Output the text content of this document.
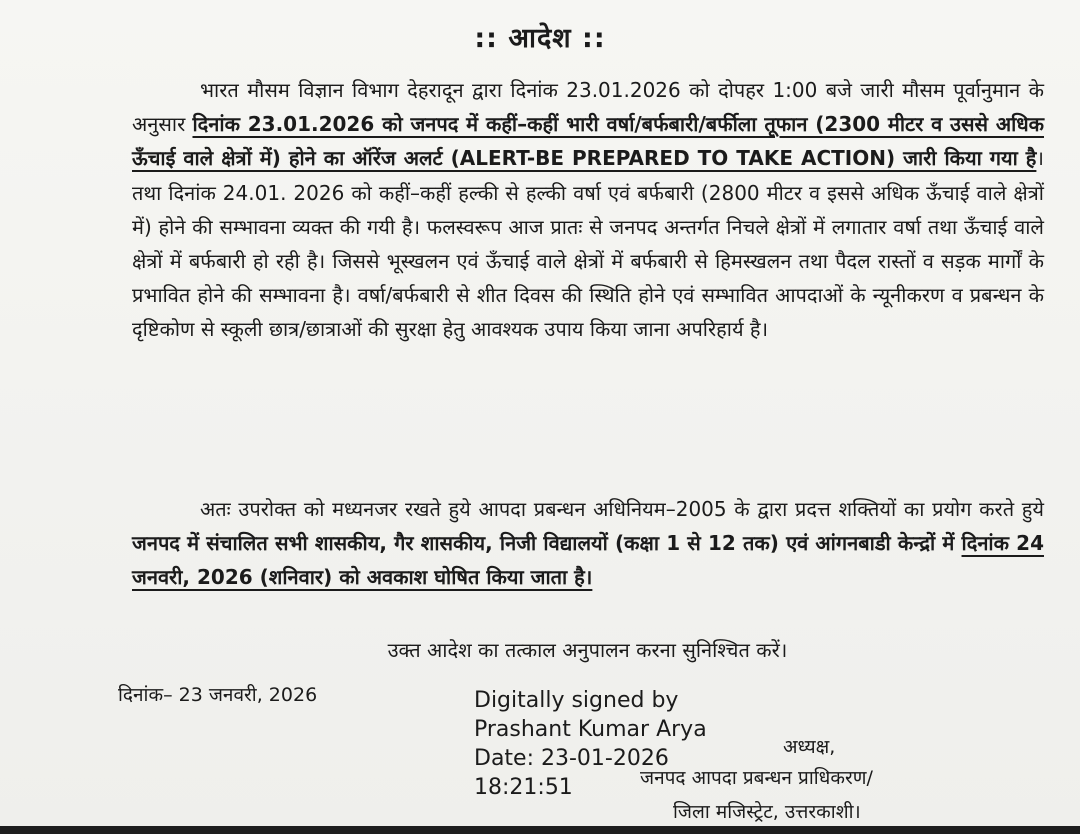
:: आदेश ::
भारत मौसम विज्ञान विभाग देहरादून द्वारा दिनांक 23.01.2026 को दोपहर 1:00 बजे जारी मौसम पूर्वानुमान के अनुसार दिनांक 23.01.2026 को जनपद में कहीं–कहीं भारी वर्षा/बर्फबारी/बर्फीला तूफान (2300 मीटर व उससे अधिक ऊँचाई वाले क्षेत्रों में) होने का ऑरेंज अलर्ट (ALERT-BE PREPARED TO TAKE ACTION) जारी किया गया है। तथा दिनांक 24.01. 2026 को कहीं–कहीं हल्की से हल्की वर्षा एवं बर्फबारी (2800 मीटर व इससे अधिक ऊँचाई वाले क्षेत्रों में) होने की सम्भावना व्यक्त की गयी है। फलस्वरूप आज प्रातः से जनपद अन्तर्गत निचले क्षेत्रों में लगातार वर्षा तथा ऊँचाई वाले क्षेत्रों में बर्फबारी हो रही है। जिससे भूस्खलन एवं ऊँचाई वाले क्षेत्रों में बर्फबारी से हिमस्खलन तथा पैदल रास्तों व सड़क मार्गों के प्रभावित होने की सम्भावना है। वर्षा/बर्फबारी से शीत दिवस की स्थिति होने एवं सम्भावित आपदाओं के न्यूनीकरण व प्रबन्धन के दृष्टिकोण से स्कूली छात्र/छात्राओं की सुरक्षा हेतु आवश्यक उपाय किया जाना अपरिहार्य है।
अतः उपरोक्त को मध्यनजर रखते हुये आपदा प्रबन्धन अधिनियम–2005 के द्वारा प्रदत्त शक्तियों का प्रयोग करते हुये जनपद में संचालित सभी शासकीय, गैर शासकीय, निजी विद्यालयों (कक्षा 1 से 12 तक) एवं आंगनबाडी केन्द्रों में दिनांक 24 जनवरी, 2026 (शनिवार) को अवकाश घोषित किया जाता है।
उक्त आदेश का तत्काल अनुपालन करना सुनिश्चित करें।
दिनांक– 23 जनवरी, 2026	Digitally signed by
Prashant Kumar Arya
Date: 23-01-2026
18:21:51
अध्यक्ष,
जनपद आपदा प्रबन्धन प्राधिकरण/
जिला मजिस्ट्रेट, उत्तरकाशी।
